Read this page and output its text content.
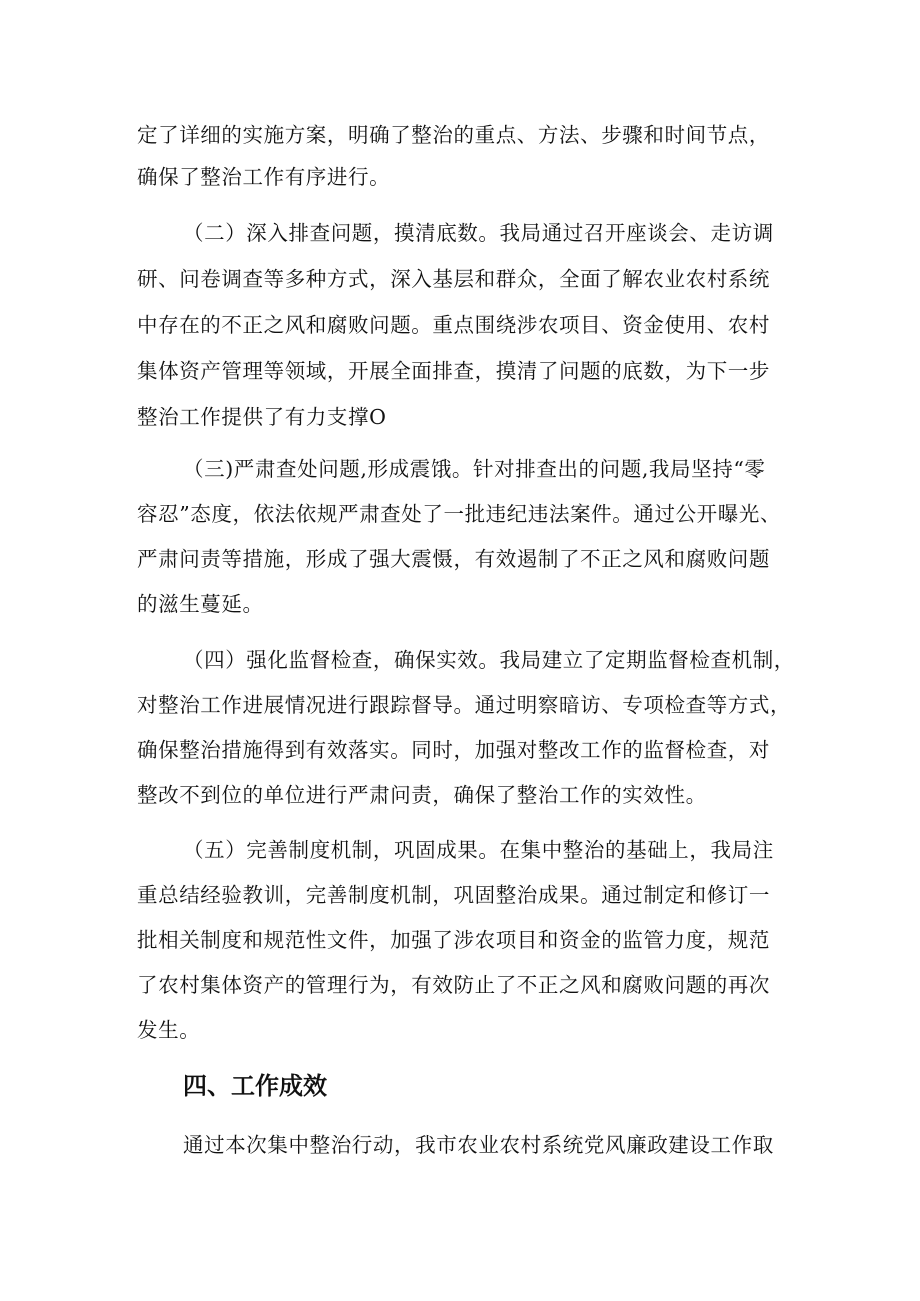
定了详细的实施方案，明确了整治的重点、方法、步骤和时间节点，
确保了整治工作有序进行。
（二）深入排查问题，摸清底数。我局通过召开座谈会、走访调
研、问卷调查等多种方式，深入基层和群众，全面了解农业农村系统
中存在的不正之风和腐败问题。重点围绕涉农项目、资金使用、农村
集体资产管理等领域，开展全面排查，摸清了问题的底数，为下一步
整治工作提供了有力支撑O
（三)严肃查处问题,形成震饿。针对排查出的问题,我局坚持“零
容忍”态度，依法依规严肃查处了一批违纪违法案件。通过公开曝光、
严肃问责等措施，形成了强大震慑，有效遏制了不正之风和腐败问题
的滋生蔓延。
（四）强化监督检查，确保实效。我局建立了定期监督检查机制，
对整治工作进展情况进行跟踪督导。通过明察暗访、专项检查等方式，
确保整治措施得到有效落实。同时，加强对整改工作的监督检查，对
整改不到位的单位进行严肃问责，确保了整治工作的实效性。
（五）完善制度机制，巩固成果。在集中整治的基础上，我局注
重总结经验教训，完善制度机制，巩固整治成果。通过制定和修订一
批相关制度和规范性文件，加强了涉农项目和资金的监管力度，规范
了农村集体资产的管理行为，有效防止了不正之风和腐败问题的再次
发生。
四、工作成效
通过本次集中整治行动，我市农业农村系统党风廉政建设工作取
